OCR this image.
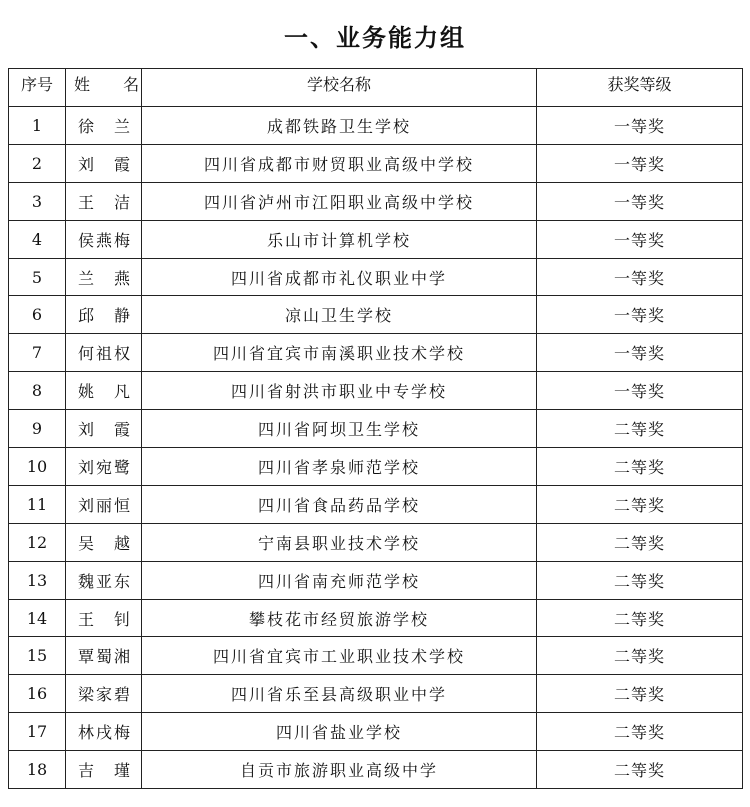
一、业务能力组
序号	姓 名	学校名称	获奖等级
1	徐　兰	成都铁路卫生学校	一等奖
2	刘　霞	四川省成都市财贸职业高级中学校	一等奖
3	王　洁	四川省泸州市江阳职业高级中学校	一等奖
4	侯燕梅	乐山市计算机学校	一等奖
5	兰　燕	四川省成都市礼仪职业中学	一等奖
6	邱　静	凉山卫生学校	一等奖
7	何祖权	四川省宜宾市南溪职业技术学校	一等奖
8	姚　凡	四川省射洪市职业中专学校	一等奖
9	刘　霞	四川省阿坝卫生学校	二等奖
10	刘宛鹭	四川省孝泉师范学校	二等奖
11	刘丽恒	四川省食品药品学校	二等奖
12	吴　越	宁南县职业技术学校	二等奖
13	魏亚东	四川省南充师范学校	二等奖
14	王　钊	攀枝花市经贸旅游学校	二等奖
15	覃蜀湘	四川省宜宾市工业职业技术学校	二等奖
16	梁家碧	四川省乐至县高级职业中学	二等奖
17	林戌梅	四川省盐业学校	二等奖
18	吉　瑾	自贡市旅游职业高级中学	二等奖
